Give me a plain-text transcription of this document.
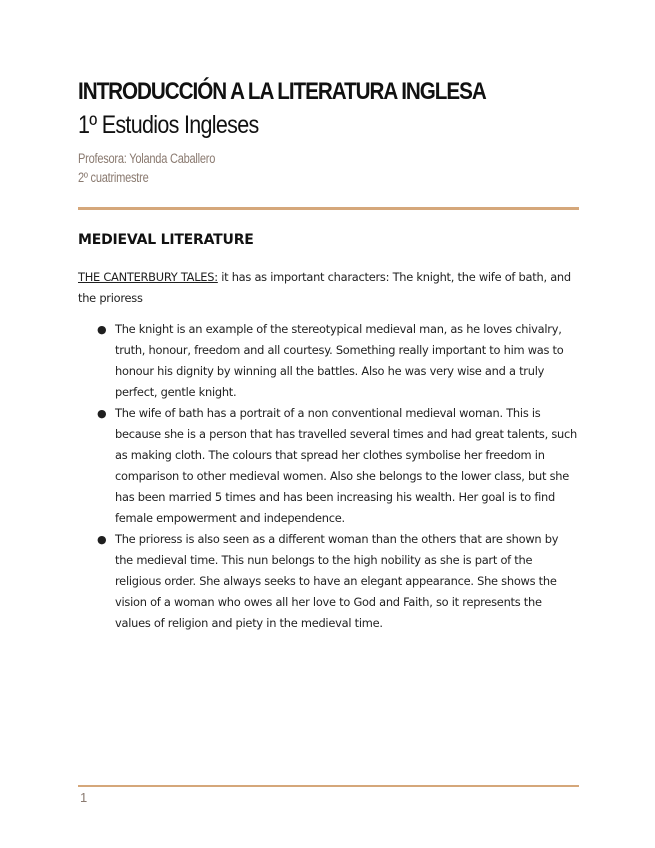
INTRODUCCIÓN A LA LITERATURA INGLESA
1º Estudios Ingleses
Profesora: Yolanda Caballero
2º cuatrimestre
MEDIEVAL LITERATURE

THE CANTERBURY TALES: it has as important characters: The knight, the wife of bath, and the prioress

● The knight is an example of the stereotypical medieval man, as he loves chivalry, truth, honour, freedom and all courtesy. Something really important to him was to honour his dignity by winning all the battles. Also he was very wise and a truly perfect, gentle knight.
● The wife of bath has a portrait of a non conventional medieval woman. This is because she is a person that has travelled several times and had great talents, such as making cloth. The colours that spread her clothes symbolise her freedom in comparison to other medieval women. Also she belongs to the lower class, but she has been married 5 times and has been increasing his wealth. Her goal is to find female empowerment and independence.
● The prioress is also seen as a different woman than the others that are shown by the medieval time. This nun belongs to the high nobility as she is part of the religious order. She always seeks to have an elegant appearance. She shows the vision of a woman who owes all her love to God and Faith, so it represents the values of religion and piety in the medieval time.
1
